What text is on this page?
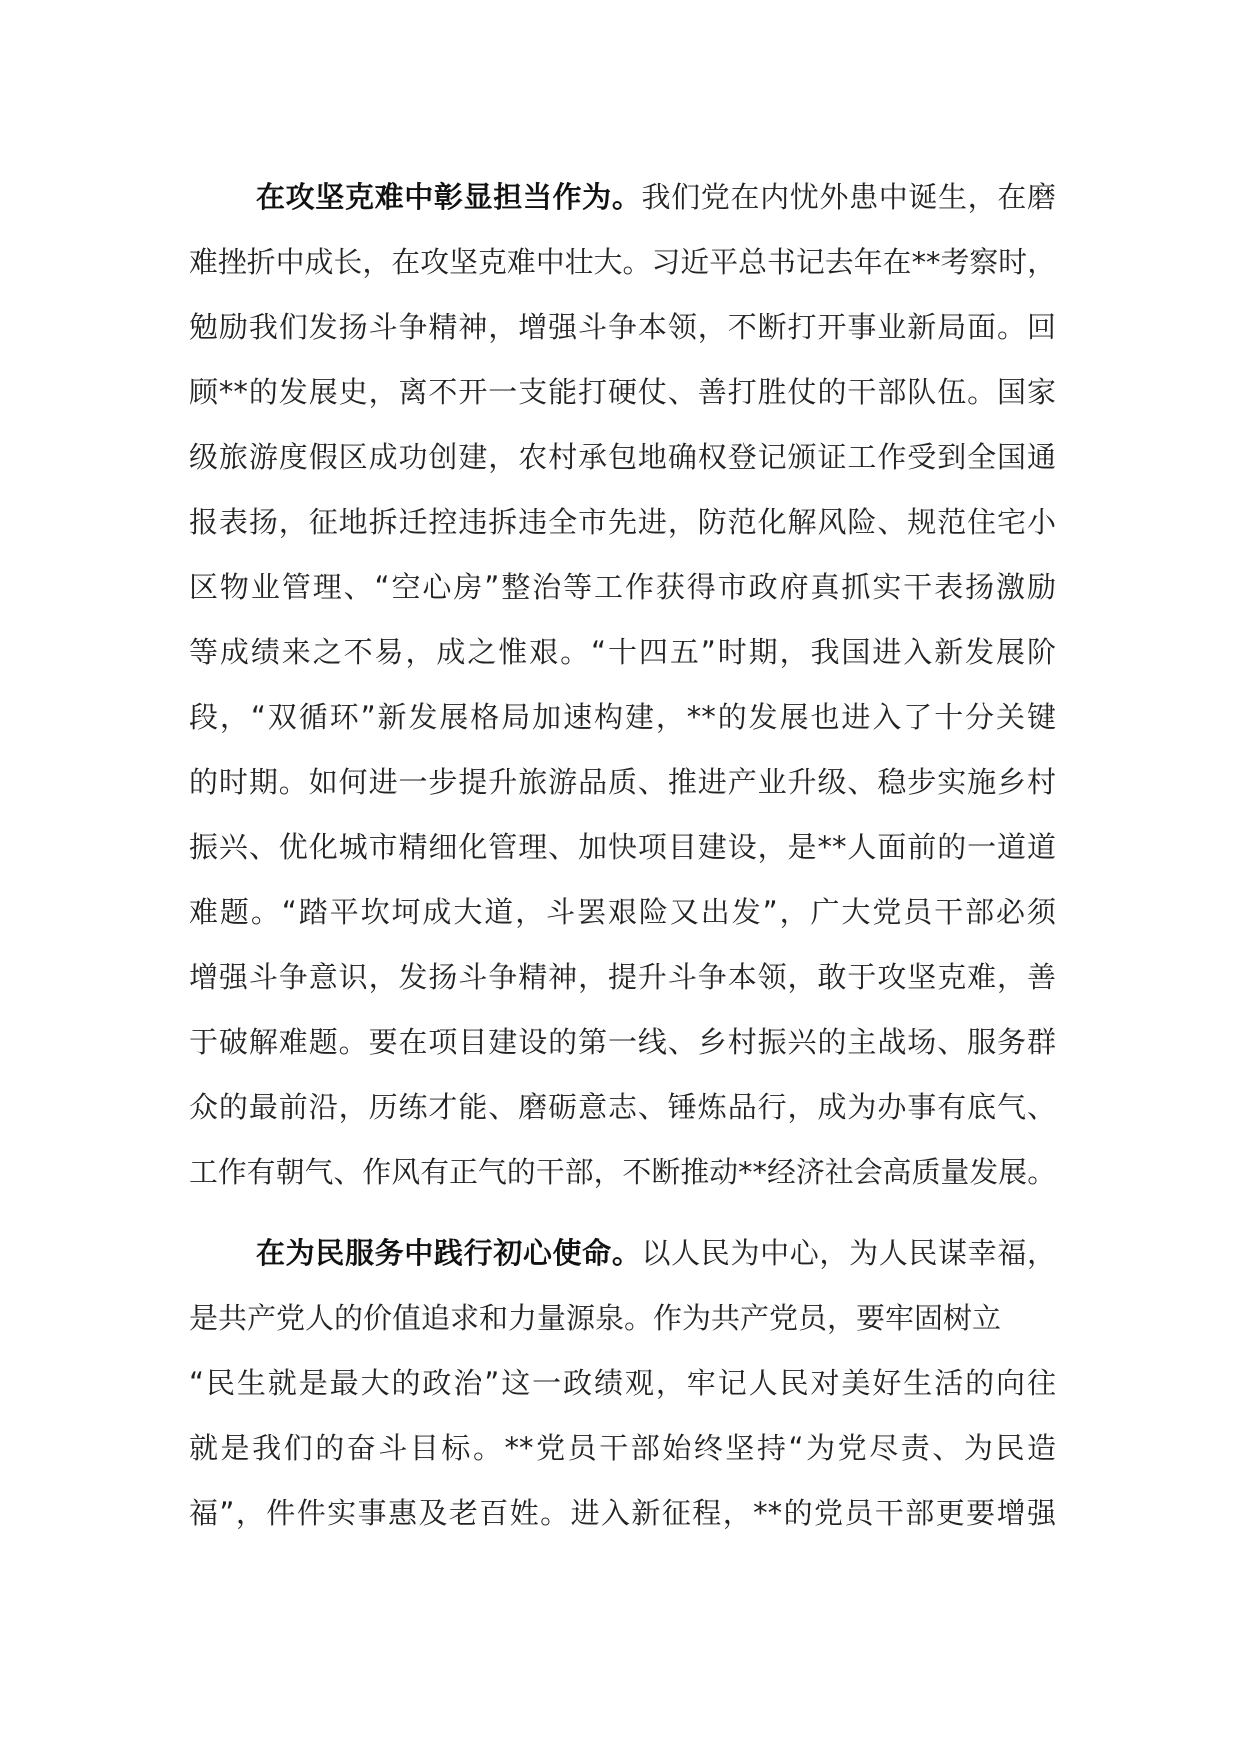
在攻坚克难中彰显担当作为。我们党在内忧外患中诞生，在磨
难挫折中成长，在攻坚克难中壮大。习近平总书记去年在**考察时，
勉励我们发扬斗争精神，增强斗争本领，不断打开事业新局面。回
顾**的发展史，离不开一支能打硬仗、善打胜仗的干部队伍。国家
级旅游度假区成功创建，农村承包地确权登记颁证工作受到全国通
报表扬，征地拆迁控违拆违全市先进，防范化解风险、规范住宅小
区物业管理、“空心房”整治等工作获得市政府真抓实干表扬激励
等成绩来之不易，成之惟艰。“十四五”时期，我国进入新发展阶
段，“双循环”新发展格局加速构建，**的发展也进入了十分关键
的时期。如何进一步提升旅游品质、推进产业升级、稳步实施乡村
振兴、优化城市精细化管理、加快项目建设，是**人面前的一道道
难题。“踏平坎坷成大道，斗罢艰险又出发”，广大党员干部必须
增强斗争意识，发扬斗争精神，提升斗争本领，敢于攻坚克难，善
于破解难题。要在项目建设的第一线、乡村振兴的主战场、服务群
众的最前沿，历练才能、磨砺意志、锤炼品行，成为办事有底气、
工作有朝气、作风有正气的干部，不断推动**经济社会高质量发展。
在为民服务中践行初心使命。以人民为中心，为人民谋幸福，
是共产党人的价值追求和力量源泉。作为共产党员，要牢固树立
“民生就是最大的政治”这一政绩观，牢记人民对美好生活的向往
就是我们的奋斗目标。**党员干部始终坚持“为党尽责、为民造
福”，件件实事惠及老百姓。进入新征程，**的党员干部更要增强
